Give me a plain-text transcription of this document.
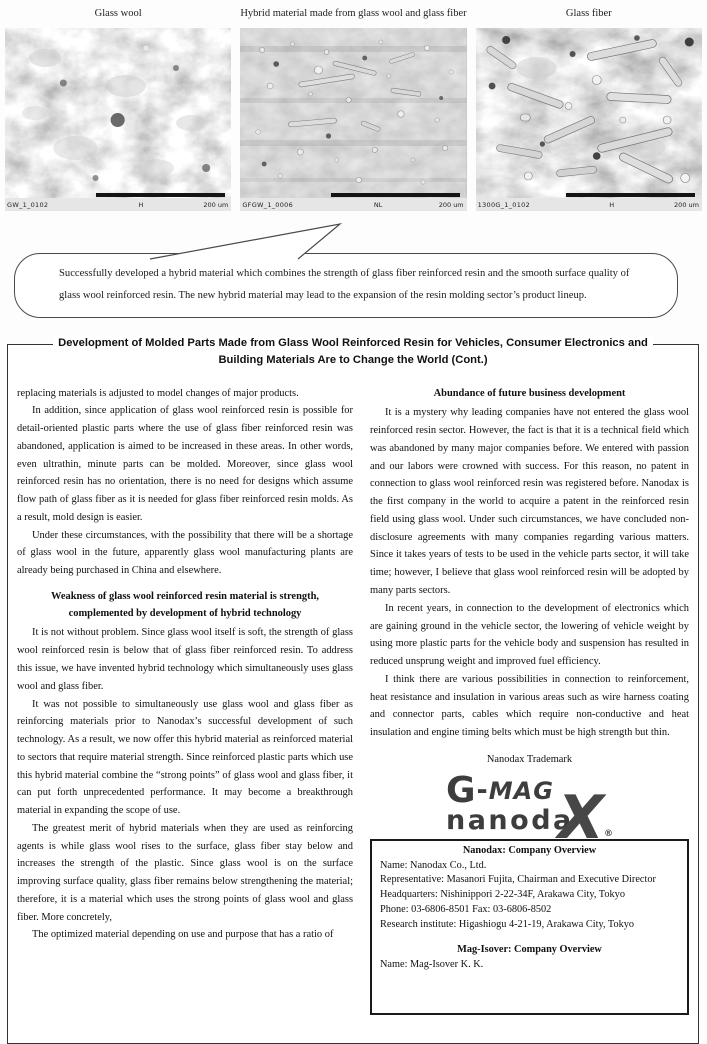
Glass wool
GW_1_0102	H	200 um
Hybrid material made from glass wool and glass fiber
GFGW_1_0006	NL	200 um
Glass fiber
1300G_1_0102	H	200 um
Successfully developed a hybrid material which combines the strength of glass fiber reinforced resin and the smooth surface quality of glass wool reinforced resin. The new hybrid material may lead to the expansion of the resin molding sector’s product lineup.
Development of Molded Parts Made from Glass Wool Reinforced Resin for Vehicles, Consumer Electronics and
Building Materials Are to Change the World (Cont.)

replacing materials is adjusted to model changes of major products.

In addition, since application of glass wool reinforced resin is possible for detail-oriented plastic parts where the use of glass fiber reinforced resin was abandoned, application is aimed to be increased in these areas. In other words, even ultrathin, minute parts can be molded. Moreover, since glass wool reinforced resin has no orientation, there is no need for designs which assume flow path of glass fiber as it is needed for glass fiber reinforced resin molds. As a result, mold design is easier.

Under these circumstances, with the possibility that there will be a shortage of glass wool in the future, apparently glass wool manufacturing plants are already being purchased in China and elsewhere.

Weakness of glass wool reinforced resin material is strength, complemented by development of hybrid technology

It is not without problem. Since glass wool itself is soft, the strength of glass wool reinforced resin is below that of glass fiber reinforced resin. To address this issue, we have invented hybrid technology which simultaneously uses glass wool and glass fiber.

It was not possible to simultaneously use glass wool and glass fiber as reinforcing materials prior to Nanodax’s successful development of such technology. As a result, we now offer this hybrid material as reinforced material to sectors that require material strength. Since reinforced plastic parts which use this hybrid material combine the “strong points” of glass wool and glass fiber, it can put forth unprecedented performance. It may become a breakthrough material in expanding the scope of use.

The greatest merit of hybrid materials when they are used as reinforcing agents is while glass wool rises to the surface, glass fiber stay below and increases the strength of the plastic. Since glass wool is on the surface improving surface quality, glass fiber remains below strengthening the material; therefore, it is a material which uses the strong points of glass wool and glass fiber. More concretely,

The optimized material depending on use and purpose that has a ratio of

Abundance of future business development

It is a mystery why leading companies have not entered the glass wool reinforced resin sector. However, the fact is that it is a technical field which was abandoned by many major companies before. We entered with passion and our labors were crowned with success. For this reason, no patent in connection to glass wool reinforced resin was registered before. Nanodax is the first company in the world to acquire a patent in the reinforced resin field using glass wool. Under such circumstances, we have concluded non-disclosure agreements with many companies regarding various matters. Since it takes years of tests to be used in the vehicle parts sector, it will take time; however, I believe that glass wool reinforced resin will be adopted by many parts sectors.

In recent years, in connection to the development of electronics which are gaining ground in the vehicle sector, the lowering of vehicle weight by using more plastic parts for the vehicle body and suspension has resulted in reduced unsprung weight and improved fuel efficiency.

I think there are various possibilities in connection to reinforcement, heat resistance and insulation in various areas such as wire harness coating and connector parts, cables which require non-conductive and heat insulation and engine timing belts which must be high strength but thin.

Nanodax Trademark
G-MAG
nanoda
X®
Nanodax: Company Overview
Name: Nanodax Co., Ltd.
Representative: Masanori Fujita, Chairman and Executive Director
Headquarters: Nishinippori 2-22-34F, Arakawa City, Tokyo
Phone: 03-6806-8501 Fax: 03-6806-8502
Research institute: Higashiogu 4-21-19, Arakawa City, Tokyo
Mag-Isover: Company Overview
Name: Mag-Isover K. K.
